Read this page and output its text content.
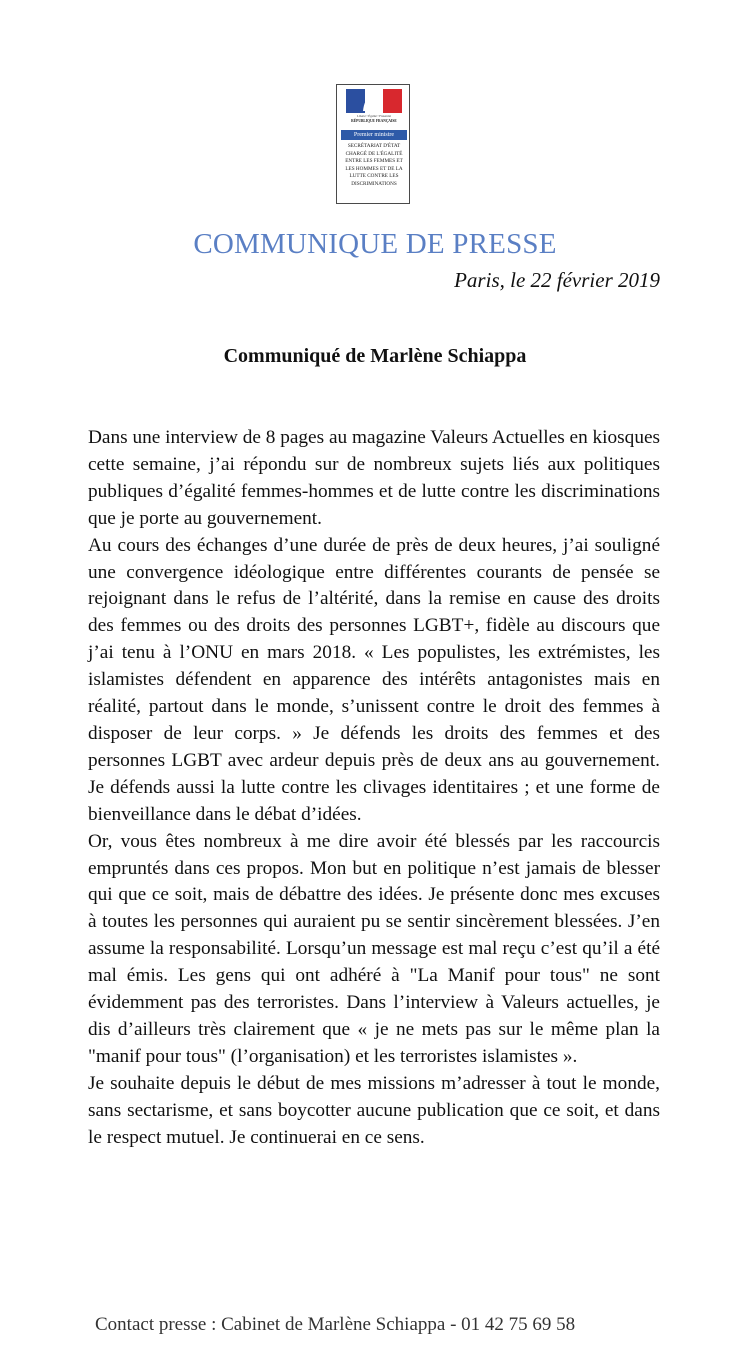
Liberté • Égalité • Fraternité
RÉPUBLIQUE FRANÇAISE
Premier ministre
SECRÉTARIAT D'ÉTAT CHARGÉ DE L'ÉGALITÉ ENTRE LES FEMMES ET LES HOMMES ET DE LA LUTTE CONTRE LES DISCRIMINATIONS
COMMUNIQUE DE PRESSE
Paris, le 22 février 2019
Communiqué de Marlène Schiappa

Dans une interview de 8 pages au magazine Valeurs Actuelles en kiosques cette semaine, j’ai répondu sur de nombreux sujets liés aux politiques publiques d’égalité femmes-hommes et de lutte contre les discriminations que je porte au gouvernement.

Au cours des échanges d’une durée de près de deux heures, j’ai souligné une convergence idéologique entre différentes courants de pensée se rejoignant dans le refus de l’altérité, dans la remise en cause des droits des femmes ou des droits des personnes LGBT+, fidèle au discours que j’ai tenu à l’ONU en mars 2018. « Les populistes, les extrémistes, les islamistes défendent en apparence des intérêts antagonistes mais en réalité, partout dans le monde, s’unissent contre le droit des femmes à disposer de leur corps. » Je défends les droits des femmes et des personnes LGBT avec ardeur depuis près de deux ans au gouvernement. Je défends aussi la lutte contre les clivages identitaires ; et une forme de bienveillance dans le débat d’idées.

Or, vous êtes nombreux à me dire avoir été blessés par les raccourcis empruntés dans ces propos. Mon but en politique n’est jamais de blesser qui que ce soit, mais de débattre des idées. Je présente donc mes excuses à toutes les personnes qui auraient pu se sentir sincèrement blessées. J’en assume la responsabilité. Lorsqu’un message est mal reçu c’est qu’il a été mal émis. Les gens qui ont adhéré à "La Manif pour tous" ne sont évidemment pas des terroristes. Dans l’interview à Valeurs actuelles, je dis d’ailleurs très clairement que « je ne mets pas sur le même plan la "manif pour tous" (l’organisation) et les terroristes islamistes ».

Je souhaite depuis le début de mes missions m’adresser à tout le monde, sans sectarisme, et sans boycotter aucune publication que ce soit, et dans le respect mutuel. Je continuerai en ce sens.

Contact presse : Cabinet de Marlène Schiappa - 01 42 75 69 58
